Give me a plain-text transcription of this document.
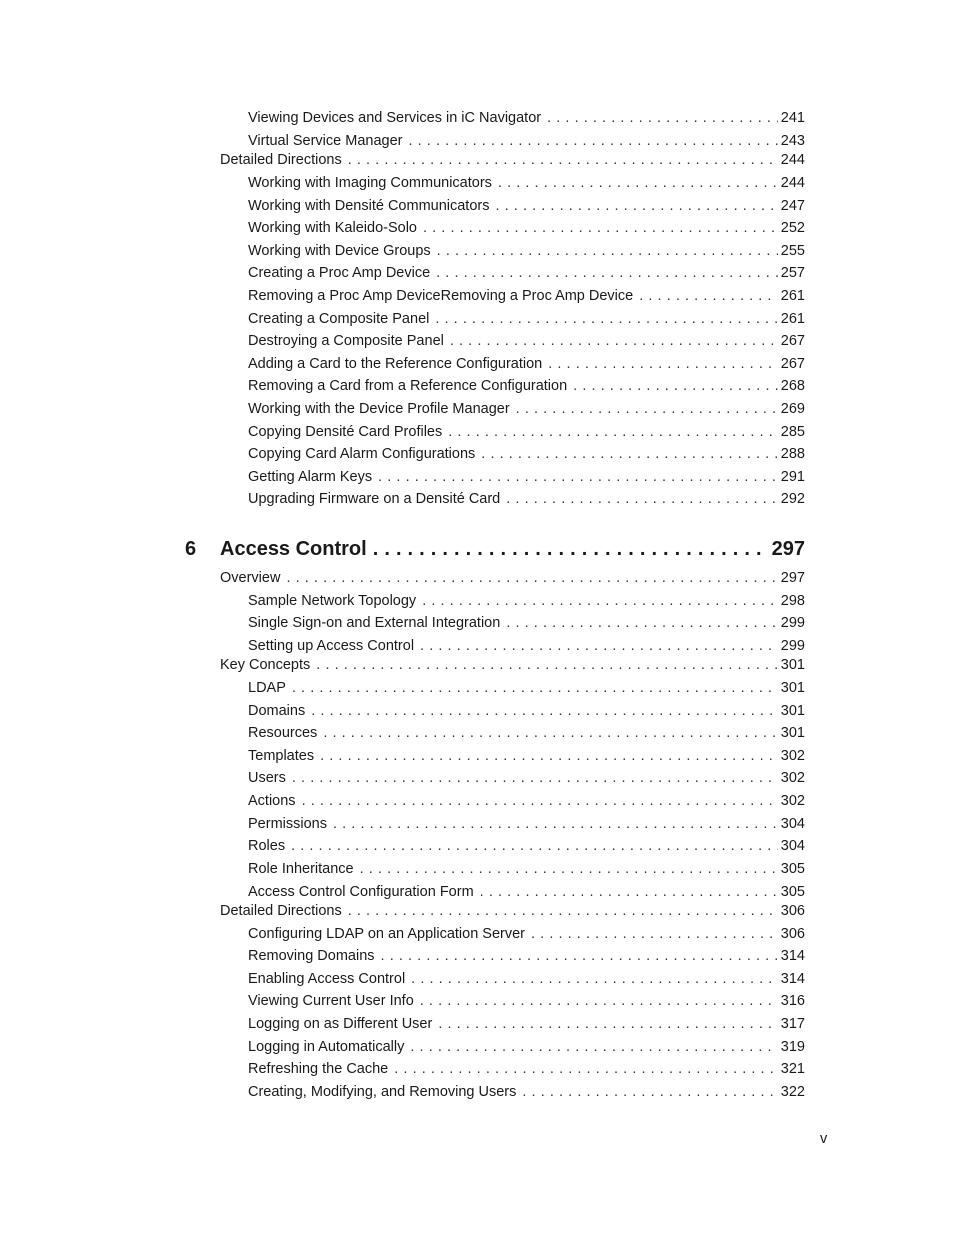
Viewing Devices and Services in iC Navigator . . .	241
Virtual Service Manager . . .	243
Detailed Directions . . .	244
Working with Imaging Communicators . . .	244
Working with Densité Communicators . . .	247
Working with Kaleido-Solo . . .	252
Working with Device Groups . . .	255
Creating a Proc Amp Device . . .	257
Removing a Proc Amp DeviceRemoving a Proc Amp Device . . .	261
Creating a Composite Panel . . .	261
Destroying a Composite Panel . . .	267
Adding a Card to the Reference Configuration . . .	267
Removing a Card from a Reference Configuration . . .	268
Working with the Device Profile Manager . . .	269
Copying Densité Card Profiles . . .	285
Copying Card Alarm Configurations . . .	288
Getting Alarm Keys . . .	291
Upgrading Firmware on a Densité Card . . .	292
6	Access Control . . .	297
Overview . . .	297
Sample Network Topology . . .	298
Single Sign-on and External Integration . . .	299
Setting up Access Control . . .	299
Key Concepts . . .	301
LDAP . . .	301
Domains . . .	301
Resources . . .	301
Templates . . .	302
Users . . .	302
Actions . . .	302
Permissions . . .	304
Roles . . .	304
Role Inheritance . . .	305
Access Control Configuration Form . . .	305
Detailed Directions . . .	306
Configuring LDAP on an Application Server . . .	306
Removing Domains . . .	314
Enabling Access Control . . .	314
Viewing Current User Info . . .	316
Logging on as Different User . . .	317
Logging in Automatically . . .	319
Refreshing the Cache . . .	321
Creating, Modifying, and Removing Users . . .	322
v
